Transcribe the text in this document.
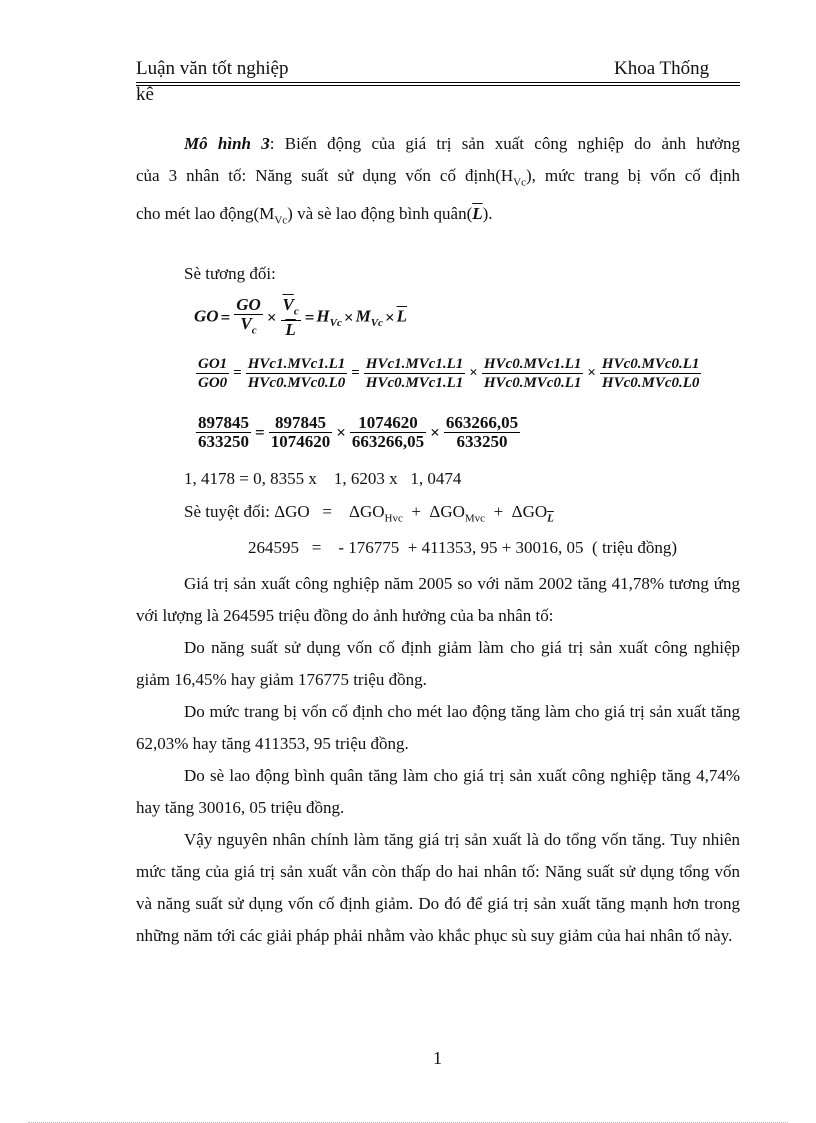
Luận văn tốt nghiệp	Khoa Thống
kê
Mô hình 3: Biến động của giá trị sản xuất công nghiệp do ảnh hưởng
của 3 nhân tố: Năng suất sử dụng vốn cố $định(H_{Vc})$, mức trang bị vốn cố định
cho mét lao $động(M_{Vc})$ và sè lao động bình $quân(\overline{L})$.
Sè tương đối:
GO = $\frac{GO}{V_c} \times \frac{\overline{V}_c}{L} = H_{Vc} \times M_{Vc} \times \overline{L}$
$\frac{GO1}{GO0} = \frac{\text{HVc1.MVc1.L1}}{\text{HVc0.MVc0.L0}} = \frac{\text{HVc1.MVc1.L1}}{\text{HVc0.MVc1.L1}} \times \frac{\text{HVc0.MVc1.L1}}{\text{HVc0.MVc0.L1}} \times \frac{\text{HVc0.MVc0.L1}}{\text{HVc0.MVc0.L0}}$
$\frac{897845}{633250} = \frac{897845}{1074620} \times \frac{1074620}{663266,05} \times \frac{663266,05}{633250}$
1, 4178 = 0, 8355 x    1, 6203 x   1, 0474
Sè tuyệt đối: ΔGO   =    $\Delta GO_{Hvc} + \Delta GO_{Mvc} + \Delta GO_{\overline{L}}$
264595   =    - 176775  + 411353, 95 + 30016, 05  ( triệu đồng)
Giá trị sản xuất công nghiệp năm 2005 so với năm 2002 tăng 41,78% tương ứng với lượng là 264595 triệu đồng do ảnh hưởng của ba nhân tố:
Do năng suất sử dụng vốn cố định giảm làm cho giá trị sản xuất công nghiệp giảm 16,45% hay giảm 176775 triệu đồng.
Do mức trang bị vốn cố định cho mét lao động tăng làm cho giá trị sản xuất tăng 62,03% hay tăng 411353, 95 triệu đồng.
Do sè lao động bình quân tăng làm cho giá trị sản xuất công nghiệp tăng 4,74% hay tăng 30016, 05 triệu đồng.
Vậy nguyên nhân chính làm tăng giá trị sản xuất là do tổng vốn tăng. Tuy nhiên mức tăng của giá trị sản xuất vẫn còn thấp do hai nhân tố: Năng suất sử dụng tổng vốn và năng suất sử dụng vốn cố định giảm. Do đó để giá trị sản xuất tăng mạnh hơn trong những năm tới các giải pháp phải nhằm vào khắc phục sù suy giảm của hai nhân tố này.
1
